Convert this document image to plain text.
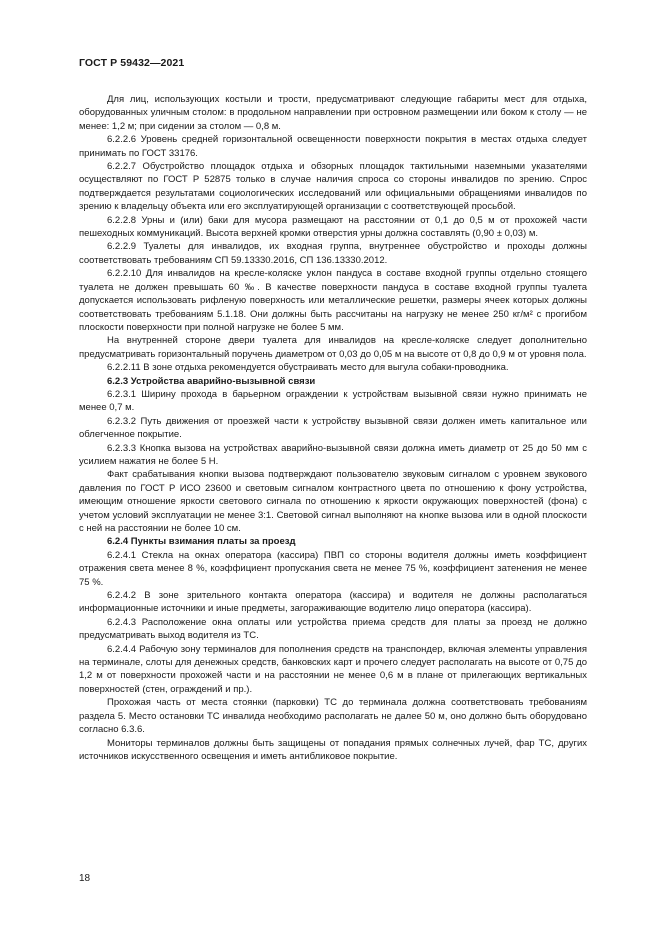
ГОСТ Р 59432—2021

Для лиц, использующих костыли и трости, предусматривают следующие габариты мест для отдыха, оборудованных уличным столом: в продольном направлении при островном размещении или боком к столу — не менее: 1,2 м; при сидении за столом — 0,8 м.

6.2.2.6 Уровень средней горизонтальной освещенности поверхности покрытия в местах отдыха следует принимать по ГОСТ 33176.

6.2.2.7 Обустройство площадок отдыха и обзорных площадок тактильными наземными указателями осуществляют по ГОСТ Р 52875 только в случае наличия спроса со стороны инвалидов по зрению. Спрос подтверждается результатами социологических исследований или официальными обращениями инвалидов по зрению к владельцу объекта или его эксплуатирующей организации с соответствующей просьбой.

6.2.2.8 Урны и (или) баки для мусора размещают на расстоянии от 0,1 до 0,5 м от прохожей части пешеходных коммуникаций. Высота верхней кромки отверстия урны должна составлять (0,90 ± 0,03) м.

6.2.2.9 Туалеты для инвалидов, их входная группа, внутреннее обустройство и проходы должны соответствовать требованиям СП 59.13330.2016, СП 136.13330.2012.

6.2.2.10 Для инвалидов на кресле-коляске уклон пандуса в составе входной группы отдельно стоящего туалета не должен превышать 60 ‰. В качестве поверхности пандуса в составе входной группы туалета допускается использовать рифленую поверхность или металлические решетки, размеры ячеек которых должны соответствовать требованиям 5.1.18. Они должны быть рассчитаны на нагрузку не менее 250 кг/м² с прогибом плоскости поверхности при полной нагрузке не более 5 мм.

На внутренней стороне двери туалета для инвалидов на кресле-коляске следует дополнительно предусматривать горизонтальный поручень диаметром от 0,03 до 0,05 м на высоте от 0,8 до 0,9 м от уровня пола.

6.2.2.11 В зоне отдыха рекомендуется обустраивать место для выгула собаки-проводника.

6.2.3 Устройства аварийно-вызывной связи

6.2.3.1 Ширину прохода в барьерном ограждении к устройствам вызывной связи нужно принимать не менее 0,7 м.

6.2.3.2 Путь движения от проезжей части к устройству вызывной связи должен иметь капитальное или облегченное покрытие.

6.2.3.3 Кнопка вызова на устройствах аварийно-вызывной связи должна иметь диаметр от 25 до 50 мм с усилием нажатия не более 5 Н.

Факт срабатывания кнопки вызова подтверждают пользователю звуковым сигналом с уровнем звукового давления по ГОСТ Р ИСО 23600 и световым сигналом контрастного цвета по отношению к фону устройства, имеющим отношение яркости светового сигнала по отношению к яркости окружающих поверхностей (фона) с учетом условий эксплуатации не менее 3:1. Световой сигнал выполняют на кнопке вызова или в одной плоскости с ней на расстоянии не более 10 см.

6.2.4 Пункты взимания платы за проезд

6.2.4.1 Стекла на окнах оператора (кассира) ПВП со стороны водителя должны иметь коэффициент отражения света менее 8 %, коэффициент пропускания света не менее 75 %, коэффициент затенения не менее 75 %.

6.2.4.2 В зоне зрительного контакта оператора (кассира) и водителя не должны располагаться информационные источники и иные предметы, загораживающие водителю лицо оператора (кассира).

6.2.4.3 Расположение окна оплаты или устройства приема средств для платы за проезд не должно предусматривать выход водителя из ТС.

6.2.4.4 Рабочую зону терминалов для пополнения средств на транспондер, включая элементы управления на терминале, слоты для денежных средств, банковских карт и прочего следует располагать на высоте от 0,75 до 1,2 м от поверхности прохожей части и на расстоянии не менее 0,6 м в плане от прилегающих вертикальных поверхностей (стен, ограждений и пр.).

Прохожая часть от места стоянки (парковки) ТС до терминала должна соответствовать требованиям раздела 5. Место остановки ТС инвалида необходимо располагать не далее 50 м, оно должно быть оборудовано согласно 6.3.6.

Мониторы терминалов должны быть защищены от попадания прямых солнечных лучей, фар ТС, других источников искусственного освещения и иметь антибликовое покрытие.

18
